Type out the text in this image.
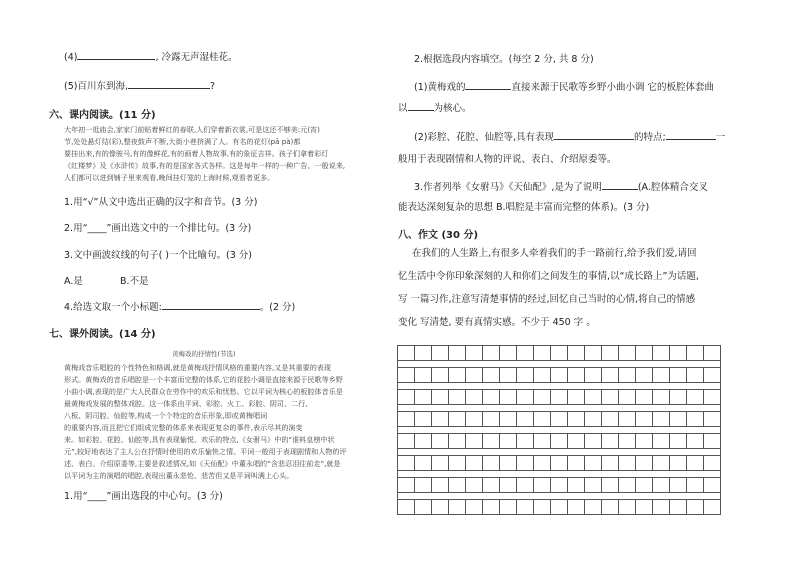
(4)	, 冷露无声湿桂花。
(5)百川东到海,	?
六、课内阅读。(11 分)
大年初一逛庙会,家家门前贴着鲜红的春联,人们穿着新衣裳,可是这还不够美:元(宵)
节,处处悬灯结(彩),整夜鼓声不断,大街小巷挤满了人。有名的花灯(pā pà)都
要挂出来,有的像骏马,有的像鲜花,有的画着人物故事,有的象征吉祥。孩子们拿着彩灯
《红楼梦》及《水浒传》故事,有的是国家各式各样。这是每年一样的一种广告。一般说来,
人们都可以进到铺子里来观看,晚间挂灯笼的上海时候,观看者更多。
1.用“√”从文中选出正确的汉字和音节。(3 分)
2.用“____”画出选文中的一个排比句。(3 分)
3.文中画波纹线的句子( )一个比喻句。(3 分)
A.是	B.不是
4.给选文取一个小标题:	。(2 分)
七、课外阅读。(14 分)
黄梅戏的抒情性(节选)
黄梅戏音乐唱腔的个性特色和格调,就是黄梅戏抒情风格的重要内容,又是其重要的表现
形式。黄梅戏的音乐唱腔是一个丰富而完整的体系,它的花腔小调是直接来源于民歌等乡野
小曲小调,表现的是广大人民群众在劳作中的欢乐和忧愁。它以平词为核心的板腔体音乐是
最黄梅戏发展的整体戏腔。这一体系由平词、彩腔、火工、彩腔、阴司、二行、
八板、阴司腔、仙腔等,构成一个个特定的音乐形象,即或黄梅唱词
的重要内容,而且把它们组成完整的体系来表现更复杂的事件,表示尽其的演变
来。如彩腔、花腔、仙腔等,具有表现愉悦、欢乐的特点,《女驸马》中的“谁料皇榜中状
元”,较好地表达了主人公在抒情时使用的欢乐愉快之情。平词一般用于表现剧情和人物的评
述、表白、介绍原委等,主要是叙述情况,如《天仙配》中董永唱的“含悲忍泪往前走”,就是
以平词为主的演唱的唱腔,表现出董永悲怆、悲苦但又是平词叫满上心头。
1.用“____”画出选段的中心句。(3 分)
2.根据选段内容填空。(每空 2 分, 共 8 分)
(1)黄梅戏的	直接来源于民歌等乡野小曲小调 它的板腔体套曲
以	为核心。
(2)彩腔、花腔、仙腔等,具有表现	的特点;	一
般用于表现剧情和人物的评说、表白、介绍原委等。
3.作者列举《女驸马》《天仙配》,是为了说明	(A.腔体精合交叉
能表达深刻复杂的思想 B.唱腔是丰富而完整的体系)。(3 分)
八、作文 (30 分)
在我们的人生路上,有很多人牵着我们的手一路前行,给予我们爱,请回
忆生活中令你印象深刻的人和你们之间发生的事情,以“成长路上”为话题,
写 一篇习作,注意写清楚事情的经过,回忆自己当时的心情,将自己的情感
变化 写清楚, 要有真情实感。不少于 450 字 。
